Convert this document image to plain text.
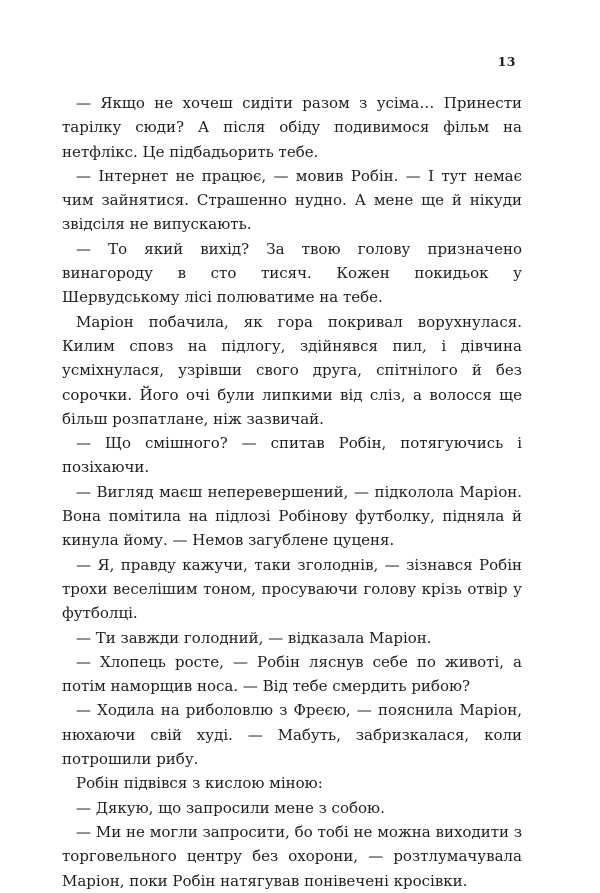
13

— Якщо не хочеш сидіти разом з усіма… Принести тарілку сюди? А після обіду подивимося фільм на нетфлікс. Це підбадьорить тебе.

— Інтернет не працює, — мовив Робін. — І тут немає чим зайнятися. Страшенно нудно. А мене ще й нікуди звідсіля не випускають.

— То який вихід? За твою голову призначено винагороду в сто тисяч. Кожен покидьок у Шервудському лісі полюватиме на тебе.

Маріон побачила, як гора покривал ворухнулася. Килим сповз на підлогу, здійнявся пил, і дівчина усміхнулася, узрівши свого друга, спітнілого й без сорочки. Його очі були липкими від сліз, а волосся ще більш розпатлане, ніж зазвичай.

— Що смішного? — спитав Робін, потягуючись і позіхаючи.

— Вигляд маєш неперевершений, — підколола Маріон. Вона помітила на підлозі Робінову футболку, підняла й кинула йому. — Немов загублене цуценя.

— Я, правду кажучи, таки зголоднів, — зізнався Робін трохи веселішим тоном, просуваючи голову крізь отвір у футболці.

— Ти завжди голодний, — відказала Маріон.

— Хлопець росте, — Робін ляснув себе по животі, а потім наморщив носа. — Від тебе смердить рибою?

— Ходила на риболовлю з Фреєю, — пояснила Маріон, нюхаючи свій худі. — Мабуть, забризкалася, коли потрошили рибу.

Робін підвівся з кислою міною:

— Дякую, що запросили мене з собою.

— Ми не могли запросити, бо тобі не можна виходити з торговельного центру без охорони, — розтлумачувала Маріон, поки Робін натягував понівечені кросівки.
